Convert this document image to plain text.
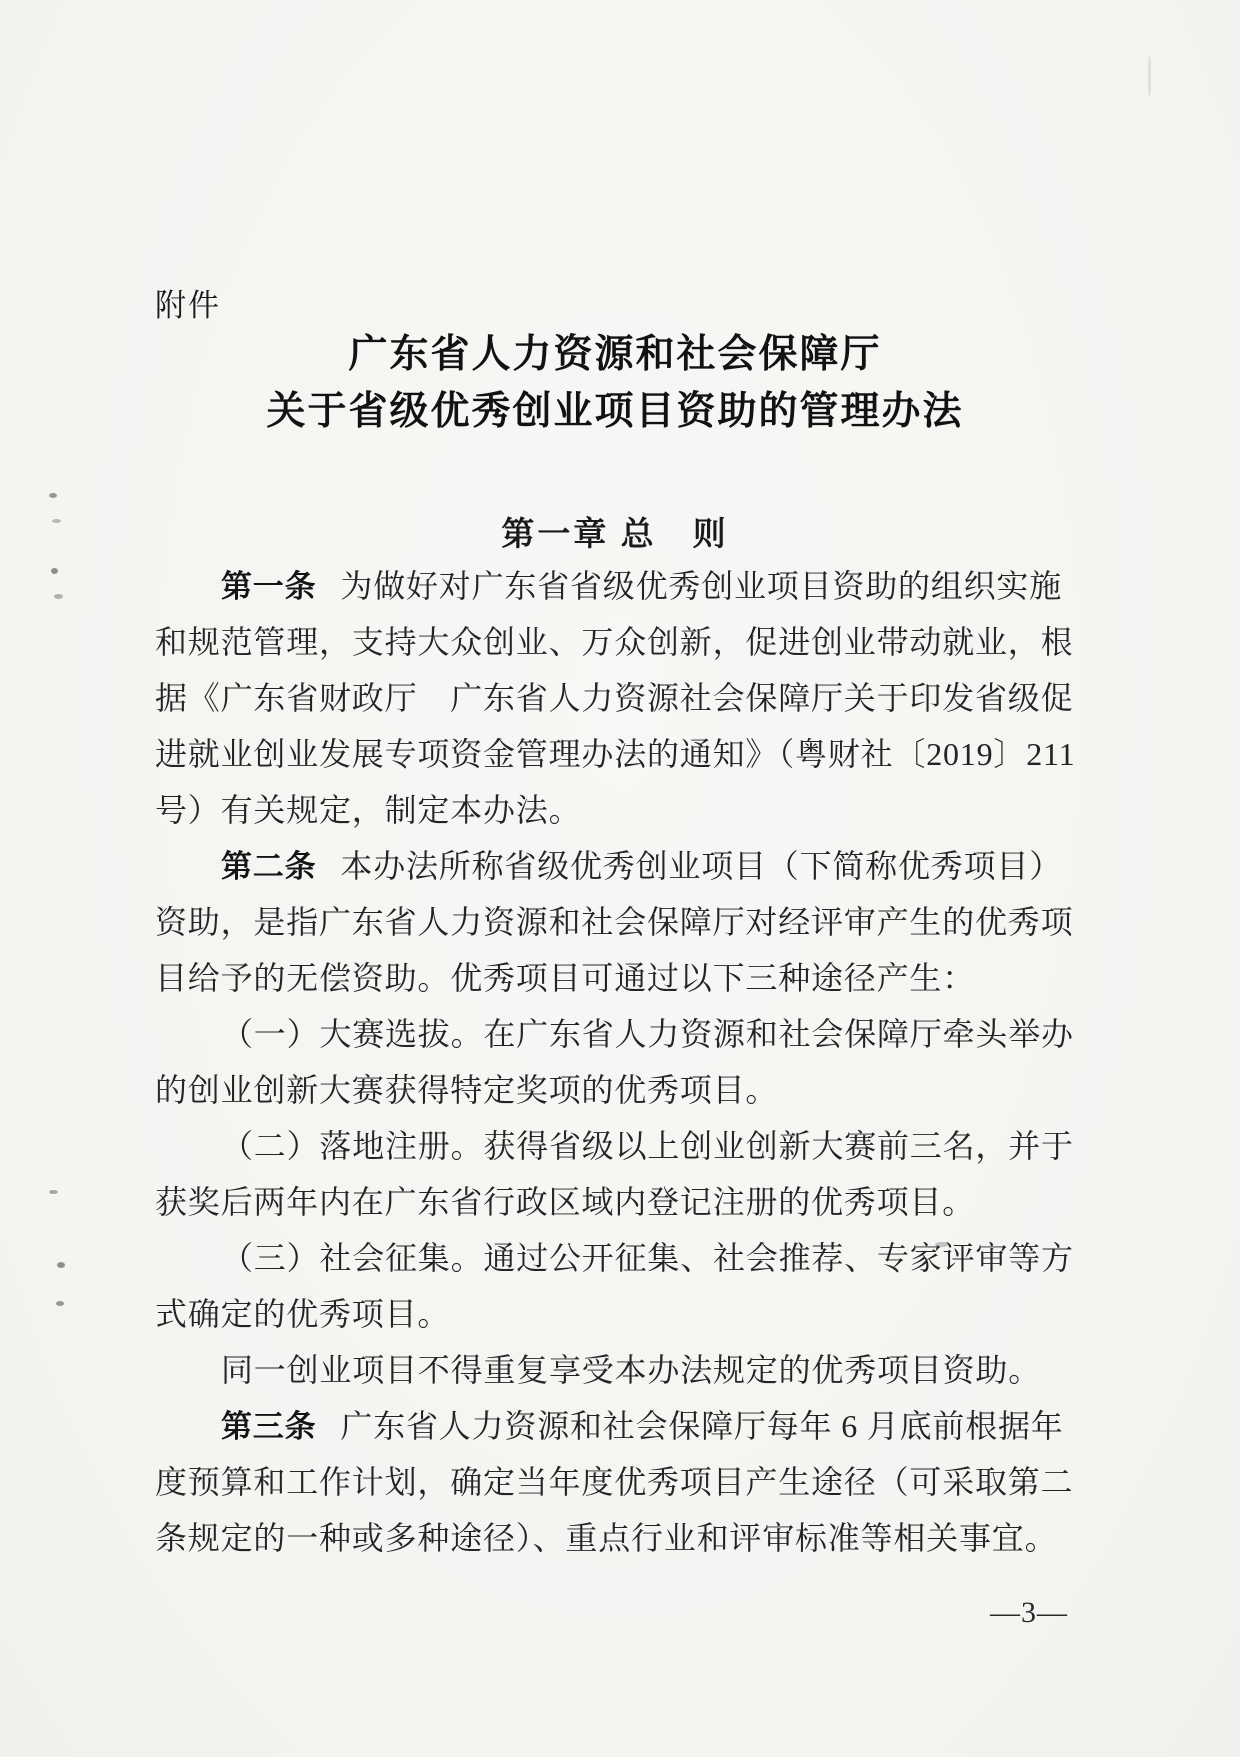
附件
广东省人力资源和社会保障厅
关于省级优秀创业项目资助的管理办法
第一章 总　则
第一条 为做好对广东省省级优秀创业项目资助的组织实施
和规范管理，支持大众创业、万众创新，促进创业带动就业，根
据《广东省财政厅　广东省人力资源社会保障厅关于印发省级促
进就业创业发展专项资金管理办法的通知》（粤财社〔2019〕211
号）有关规定，制定本办法。
第二条 本办法所称省级优秀创业项目（下简称优秀项目）
资助，是指广东省人力资源和社会保障厅对经评审产生的优秀项
目给予的无偿资助。优秀项目可通过以下三种途径产生：
（一）大赛选拔。在广东省人力资源和社会保障厅牵头举办
的创业创新大赛获得特定奖项的优秀项目。
（二）落地注册。获得省级以上创业创新大赛前三名，并于
获奖后两年内在广东省行政区域内登记注册的优秀项目。
（三）社会征集。通过公开征集、社会推荐、专家评审等方
式确定的优秀项目。
同一创业项目不得重复享受本办法规定的优秀项目资助。
第三条 广东省人力资源和社会保障厅每年 6 月底前根据年
度预算和工作计划，确定当年度优秀项目产生途径（可采取第二
条规定的一种或多种途径）、重点行业和评审标准等相关事宜。
—3—
